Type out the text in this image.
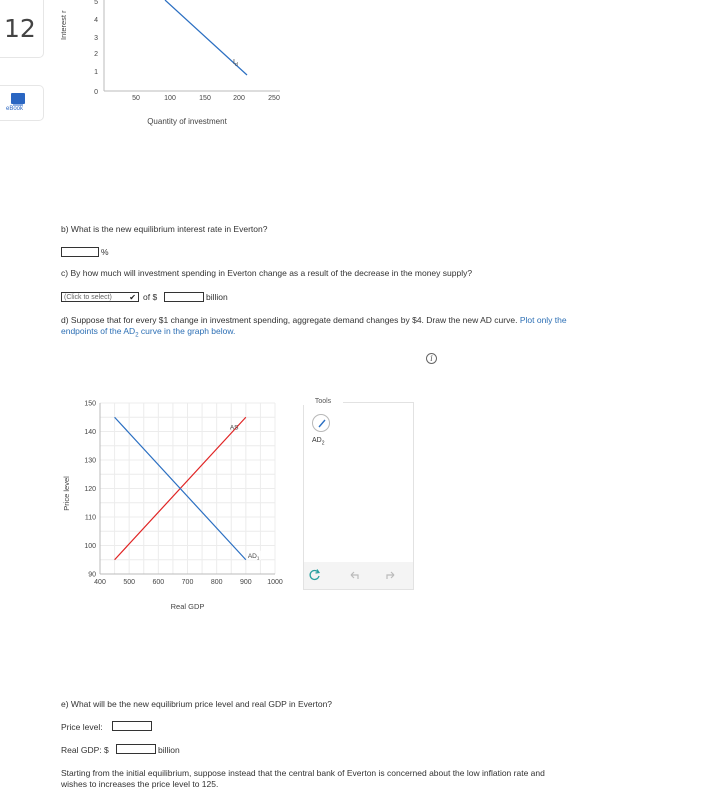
12
eBook
Interest r
5
4
3
2
1
0
50	100	150	200	250
$I_d$
Quantity of investment
b) What is the new equilibrium interest rate in Everton?
%
c) By how much will investment spending in Everton change as a result of the decrease in the money supply?
(Click to select)	✔ of $	billion
d) Suppose that for every $1 change in investment spending, aggregate demand changes by $4. Draw the new AD curve. Plot only the
endpoints of the $AD_2$ curve in the graph below.
i
90
100
110
120
130
140
150
400 500 600 700 800 900 1000
AS
$AD_1$
Price level
Real GDP
Tools
$AD_2$
e) What will be the new equilibrium price level and real GDP in Everton?
Price level:
Real GDP: $	billion
Starting from the initial equilibrium, suppose instead that the central bank of Everton is concerned about the low inflation rate and
wishes to increases the price level to 125.
